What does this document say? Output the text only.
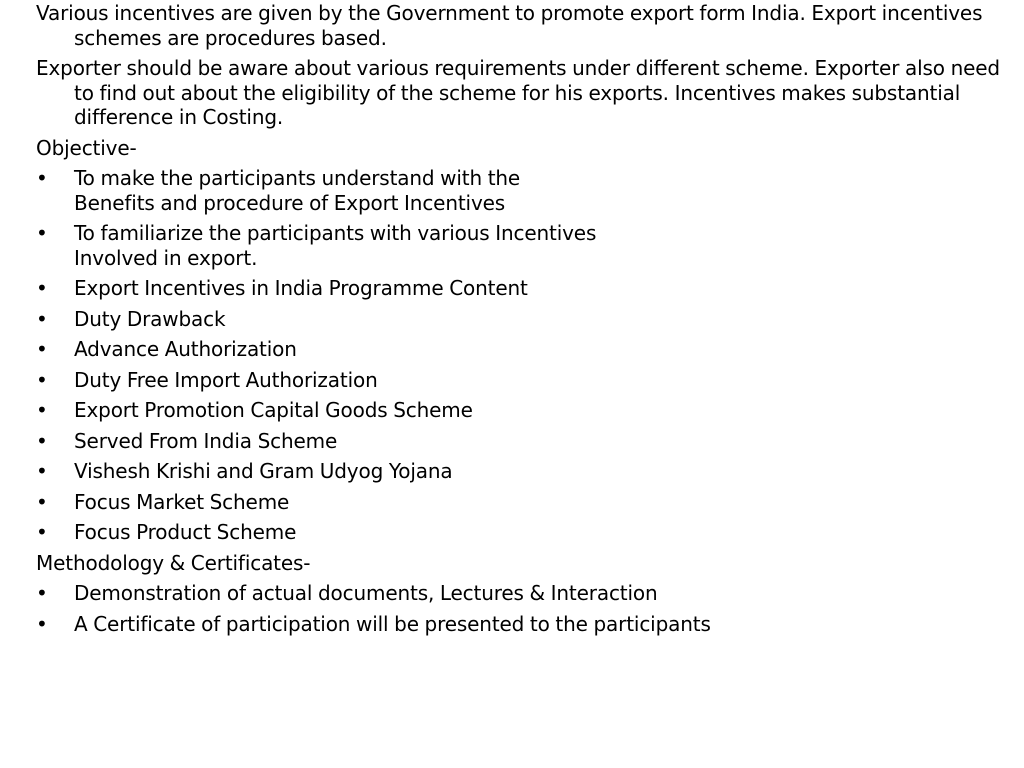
Various incentives are given by the Government to promote export form India. Export incentives schemes are procedures based.
Exporter should be aware about various requirements under different scheme. Exporter also need to find out about the eligibility of the scheme for his exports. Incentives makes substantial difference in Costing.
Objective-
•	To make the participants understand with the
Benefits and procedure of Export Incentives
•	To familiarize the participants with various Incentives
Involved in export.
•	Export Incentives in India Programme Content
•	Duty Drawback
•	Advance Authorization
•	Duty Free Import Authorization
•	Export Promotion Capital Goods Scheme
•	Served From India Scheme
•	Vishesh Krishi and Gram Udyog Yojana
•	Focus Market Scheme
•	Focus Product Scheme
Methodology & Certificates-
•	Demonstration of actual documents, Lectures & Interaction
•	A Certificate of participation will be presented to the participants
